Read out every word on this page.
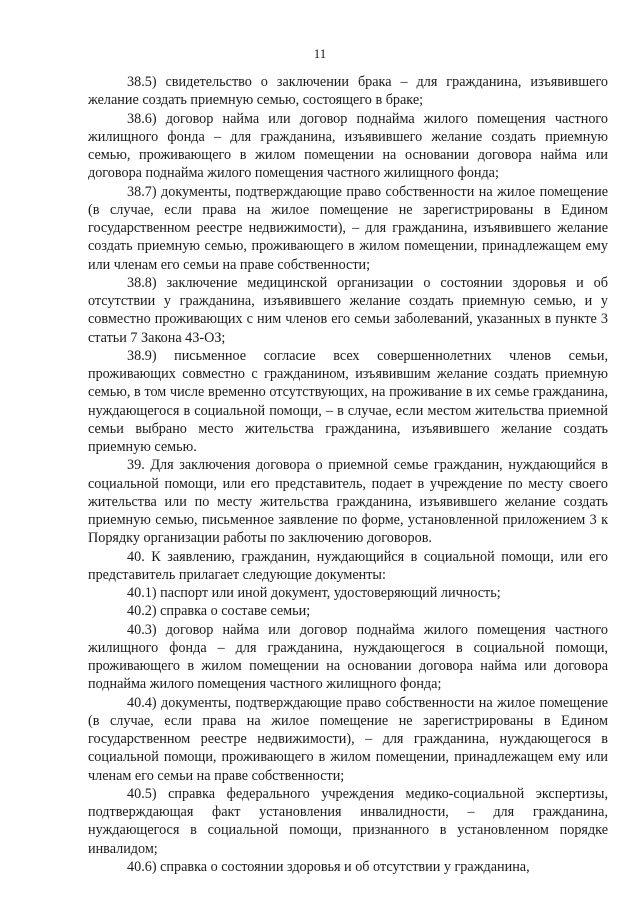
11

38.5) свидетельство о заключении брака – для гражданина, изъявившего желание создать приемную семью, состоящего в браке;

38.6) договор найма или договор поднайма жилого помещения частного жилищного фонда – для гражданина, изъявившего желание создать приемную семью, проживающего в жилом помещении на основании договора найма или договора поднайма жилого помещения частного жилищного фонда;

38.7) документы, подтверждающие право собственности на жилое помещение (в случае, если права на жилое помещение не зарегистрированы в Едином государственном реестре недвижимости), – для гражданина, изъявившего желание создать приемную семью, проживающего в жилом помещении, принадлежащем ему или членам его семьи на праве собственности;

38.8) заключение медицинской организации о состоянии здоровья и об отсутствии у гражданина, изъявившего желание создать приемную семью, и у совместно проживающих с ним членов его семьи заболеваний, указанных в пункте 3 статьи 7 Закона 43-ОЗ;

38.9) письменное согласие всех совершеннолетних членов семьи, проживающих совместно с гражданином, изъявившим желание создать приемную семью, в том числе временно отсутствующих, на проживание в их семье гражданина, нуждающегося в социальной помощи, – в случае, если местом жительства приемной семьи выбрано место жительства гражданина, изъявившего желание создать приемную семью.

39. Для заключения договора о приемной семье гражданин, нуждающийся в социальной помощи, или его представитель, подает в учреждение по месту своего жительства или по месту жительства гражданина, изъявившего желание создать приемную семью, письменное заявление по форме, установленной приложением 3 к Порядку организации работы по заключению договоров.

40. К заявлению, гражданин, нуждающийся в социальной помощи, или его представитель прилагает следующие документы:

40.1) паспорт или иной документ, удостоверяющий личность;

40.2) справка о составе семьи;

40.3) договор найма или договор поднайма жилого помещения частного жилищного фонда – для гражданина, нуждающегося в социальной помощи, проживающего в жилом помещении на основании договора найма или договора поднайма жилого помещения частного жилищного фонда;

40.4) документы, подтверждающие право собственности на жилое помещение (в случае, если права на жилое помещение не зарегистрированы в Едином государственном реестре недвижимости), – для гражданина, нуждающегося в социальной помощи, проживающего в жилом помещении, принадлежащем ему или членам его семьи на праве собственности;

40.5) справка федерального учреждения медико-социальной экспертизы, подтверждающая факт установления инвалидности, – для гражданина, нуждающегося в социальной помощи, признанного в установленном порядке инвалидом;

40.6) справка о состоянии здоровья и об отсутствии у гражданина,
